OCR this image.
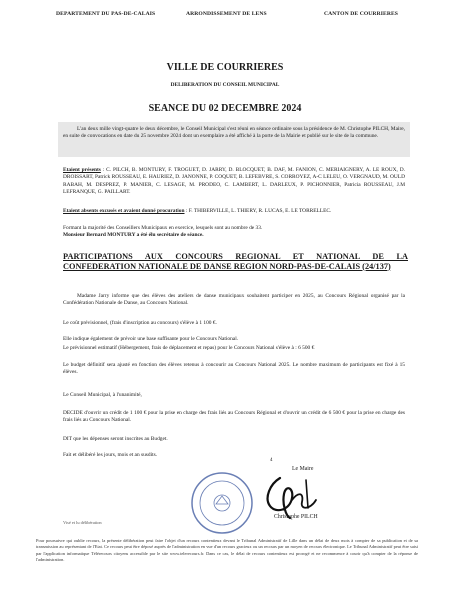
DEPARTEMENT DU PAS-DE-CALAIS	ARRONDISSEMENT DE LENS	CANTON DE COURRIERES
VILLE DE COURRIERES
DELIBERATION DU CONSEIL MUNICIPAL
SEANCE DU 02 DECEMBRE 2024

L'an deux mille vingt-quatre le deux décembre, le Conseil Municipal s'est réuni en séance ordinaire sous la présidence de M. Christophe PILCH, Maire, en suite de convocations en date du 25 novembre 2024 dont un exemplaire a été affiché à la porte de la Mairie et publié sur le site de la commune.

Etaient présents : C. PILCH, B. MONTURY, F. TROGUET, D. JARRY, D. BLOCQUET, B. DAF, M. FANION, C. MERIAIGNERY, A. LE ROUX, D. DROISSART, Patrick ROUSSEAU, E. HAURIEZ, D. JANONNE, P. COQUET, B. LEFEBVRE, S. CORROYEZ, A-C LELEU, O. VERGNAUD, M. OULD RABAH, M. DESPREZ, P. MANIER, C. LESAGE, M. PRODEO, C. LAMBERT, L. DARLEUX, P. PICHONNIER, Patricia ROUSSEAU, J.M LEFRANQUE, G. PAILLART.

Etaient absents excusés et avaient donné procuration : F. THIBERVILLE, L. THIERY, R. LUCAS, E. LE TORRELLEC.

Formant la majorité des Conseillers Municipaux en exercice, lesquels sont au nombre de 33.

Monsieur Bernard MONTURY a été élu secrétaire de séance.

PARTICIPATIONS AUX CONCOURS REGIONAL ET NATIONAL DE LA CONFEDERATION NATIONALE DE DANSE REGION NORD-PAS-DE-CALAIS (24/137)

Madame Jarry informe que des élèves des ateliers de danse municipaux souhaitent participer en 2025, au Concours Régional organisé par la Confédération Nationale de Danse, au Concours National.

Le coût prévisionnel, (frais d'inscription au concours) s'élève à 1 100 €.

Elle indique également de prévoir une base suffisante pour le Concours National.

Le prévisionnel estimatif (Hébergement, frais de déplacement et repas) pour le Concours National s'élève à : 6 500 €

Le budget définitif sera ajusté en fonction des élèves retenus à concourir au Concours National 2025. Le nombre maximum de participants est fixé à 15 élèves.

Le Conseil Municipal, à l'unanimité,

DECIDE d'ouvrir un crédit de 1 100 € pour la prise en charge des frais liés au Concours Régional et d'ouvrir un crédit de 6 500 € pour la prise en charge des frais liés au Concours National.

DIT que les dépenses seront inscrites au Budget.

Fait et délibéré les jours, mois et an susdits.

4
Le Maire
Christophe PILCH
Visé et lu délibération

Pour poursuivre qui oublie recours, la présente délibération peut faire l'objet d'un recours contentieux devant le Tribunal Administratif de Lille dans un délai de deux mois à compter de sa publication et de sa transmission au représentant de l'Etat. Ce recours peut être déposé auprès de l'administration en vue d'un recours gracieux ou un recours par un moyen de recours électronique. Le Tribunal Administratif peut être saisi par l'application informatique Télérecours citoyens accessible par le site www.telerecours.fr. Dans ce cas, le délai de recours contentieux est prorogé et ne recommence à courir qu'à compter de la réponse de l'administration.
